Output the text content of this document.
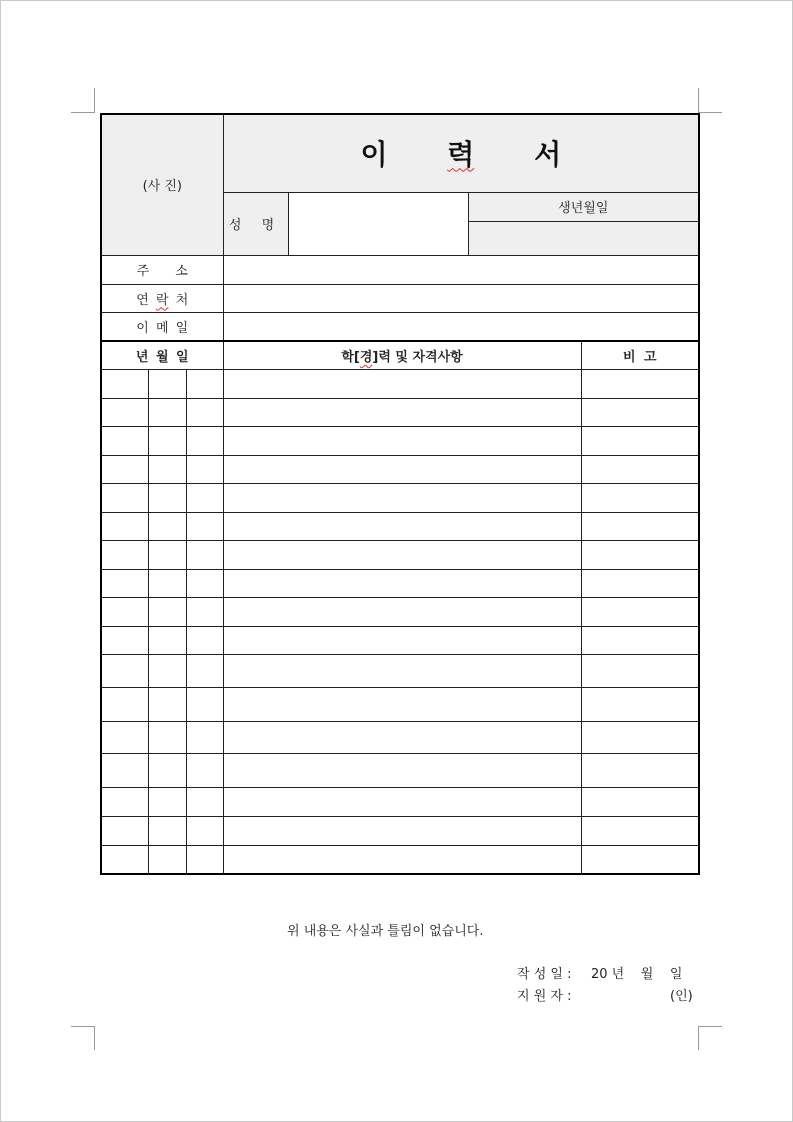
(사 진)			이 력 서			
			성 명		생년월일	

주 소						
연 락 처						
이 메 일						
년 월 일			학[경]력 및 자격사항			비 고

위 내용은 사실과 틀림이 없습니다.
작 성 일 : 20 년    월    일
지 원 자 :	(인)
